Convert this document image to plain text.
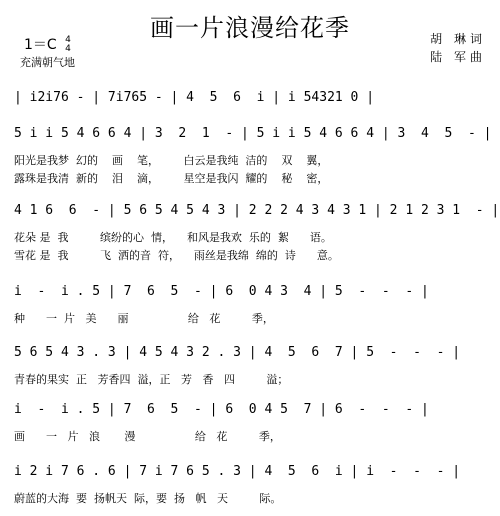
画一片浪漫给花季
1＝C 4
4
充满朝气地
胡 琳词
陆 军曲
| i2i76 - | 7i765 - | 4  5  6  i | i 54321 0 |
5 i i 5 4 6 6 4 | 3  2  1  - | 5 i i 5 4 6 6 4 | 3  4  5  - |
阳光是我梦  幻的    画    笔，       白云是我纯  洁的    双    翼，
露珠是我清  新的    泪    滴，       星空是我闪  耀的    秘    密，
4 1 6  6  - | 5 6 5 4 5 4 3 | 2 2 2 4 3 4 3 1 | 2 1 2 3 1  - |
花朵 是  我         缤纷的心  情，    和风是我欢  乐的  絮      语。
雪花 是  我         飞  洒的音  符，    雨丝是我绵  绵的  诗      意。
i  -  i . 5 | 7  6  5  - | 6  0 4 3  4 | 5  -  -  - |
种      一  片   美      丽                 给   花         季，
5 6 5 4 3 . 3 | 4 5 4 3 2 . 3 | 4  5  6  7 | 5  -  -  - |
青春的果实  正   芳香四  溢，正   芳   香   四         溢；
i  -  i . 5 | 7  6  5  - | 6  0 4 5  7 | 6  -  -  - |
画      一   片   浪       漫                 给   花         季，
i 2 i 7 6 . 6 | 7 i 7 6 5 . 3 | 4  5  6  i | i  -  -  - |
蔚蓝的大海  要  扬帆天  际，要  扬   帆   天         际。
